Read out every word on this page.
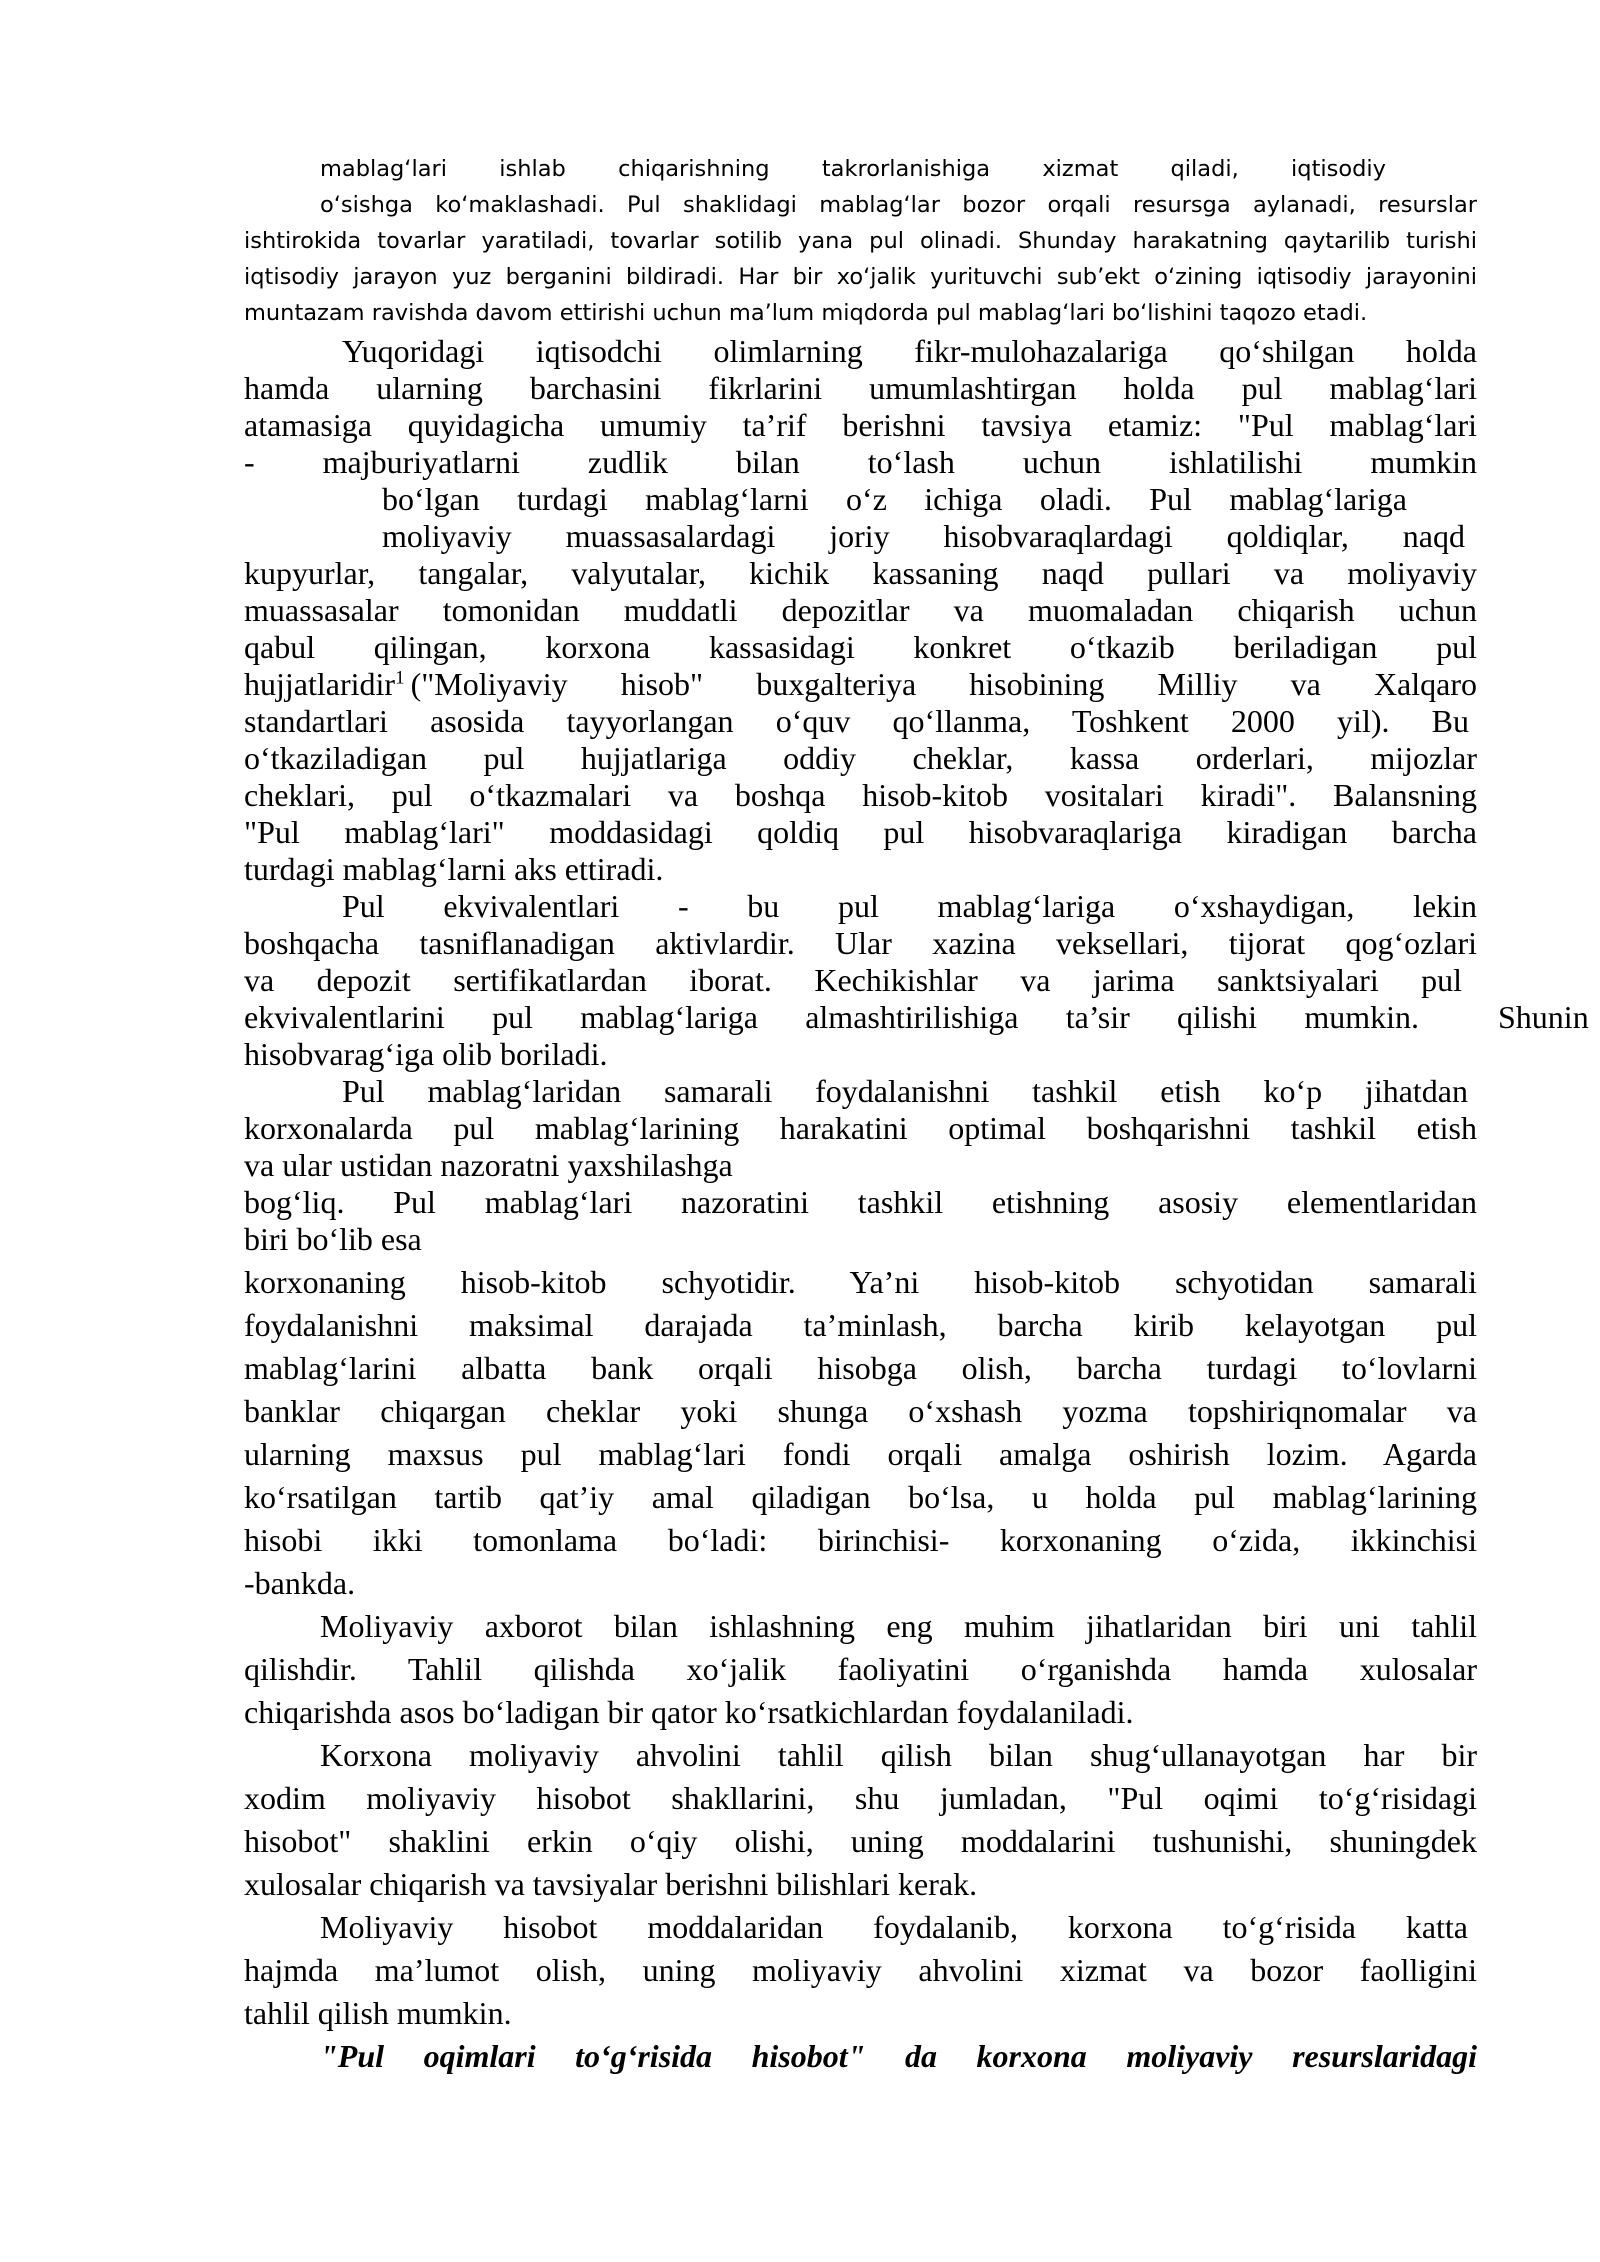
mablag‘lari ishlab chiqarishning takrorlanishiga xizmat qiladi, iqtisodiy

o‘sishga ko‘maklashadi. Pul shaklidagi mablag‘lar bozor orqali resursga aylanadi, resurslar

ishtirokida tovarlar yaratiladi, tovarlar sotilib yana pul olinadi. Shunday harakatning qaytarilib turishi

iqtisodiy jarayon yuz berganini bildiradi. Har bir xo‘jalik yurituvchi sub’ekt o‘zining iqtisodiy jarayonini

muntazam ravishda davom ettirishi uchun ma’lum miqdorda pul mablag‘lari bo‘lishini taqozo etadi.

Yuqoridagi iqtisodchi olimlarning fikr-mulohazalariga qo‘shilgan holda

hamda ularning barchasini fikrlarini umumlashtirgan holda pul mablag‘lari

atamasiga quyidagicha umumiy ta’rif berishni tavsiya etamiz: "Pul mablag‘lari

- majburiyatlarni zudlik bilan to‘lash uchun ishlatilishi mumkin

bo‘lgan turdagi mablag‘larni o‘z ichiga oladi. Pul mablag‘lariga

moliyaviy muassasalardagi joriy hisobvaraqlardagi qoldiqlar, naqd

kupyurlar, tangalar, valyutalar, kichik kassaning naqd pullari va moliyaviy

muassasalar tomonidan muddatli depozitlar va muomaladan chiqarish uchun

qabul qilingan, korxona kassasidagi konkret o‘tkazib beriladigan pul

hujjatlaridir$^1$ ("Moliyaviy hisob" buxgalteriya hisobining Milliy va Xalqaro

standartlari asosida tayyorlangan o‘quv qo‘llanma, Toshkent 2000 yil). Bu

o‘tkaziladigan pul hujjatlariga oddiy cheklar, kassa orderlari, mijozlar

cheklari, pul o‘tkazmalari va boshqa hisob-kitob vositalari kiradi". Balansning

"Pul mablag‘lari" moddasidagi qoldiq pul hisobvaraqlariga kiradigan barcha

turdagi mablag‘larni aks ettiradi.

Pul ekvivalentlari - bu pul mablag‘lariga o‘xshaydigan, lekin

boshqacha tasniflanadigan aktivlardir. Ular xazina veksellari, tijorat qog‘ozlari

va depozit sertifikatlardan iborat. Kechikishlar va jarima sanktsiyalari pul

ekvivalentlarini pul mablag‘lariga almashtirilishiga ta’sir qilishi mumkin. Shunin

hisobvarag‘iga olib boriladi.

Pul mablag‘laridan samarali foydalanishni tashkil etish ko‘p jihatdan

korxonalarda pul mablag‘larining harakatini optimal boshqarishni tashkil etish

va ular ustidan nazoratni yaxshilashga

bog‘liq. Pul mablag‘lari nazoratini tashkil etishning asosiy elementlaridan

biri bo‘lib esa

korxonaning hisob-kitob schyotidir. Ya’ni hisob-kitob schyotidan samarali

foydalanishni maksimal darajada ta’minlash, barcha kirib kelayotgan pul

mablag‘larini albatta bank orqali hisobga olish, barcha turdagi to‘lovlarni

banklar chiqargan cheklar yoki shunga o‘xshash yozma topshiriqnomalar va

ularning maxsus pul mablag‘lari fondi orqali amalga oshirish lozim. Agarda

ko‘rsatilgan tartib qat’iy amal qiladigan bo‘lsa, u holda pul mablag‘larining

hisobi ikki tomonlama bo‘ladi: birinchisi- korxonaning o‘zida, ikkinchisi

-bankda.

Moliyaviy axborot bilan ishlashning eng muhim jihatlaridan biri uni tahlil

qilishdir. Tahlil qilishda xo‘jalik faoliyatini o‘rganishda hamda xulosalar

chiqarishda asos bo‘ladigan bir qator ko‘rsatkichlardan foydalaniladi.

Korxona moliyaviy ahvolini tahlil qilish bilan shug‘ullanayotgan har bir

xodim moliyaviy hisobot shakllarini, shu jumladan, "Pul oqimi to‘g‘risidagi

hisobot" shaklini erkin o‘qiy olishi, uning moddalarini tushunishi, shuningdek

xulosalar chiqarish va tavsiyalar berishni bilishlari kerak.

Moliyaviy hisobot moddalaridan foydalanib, korxona to‘g‘risida katta

hajmda ma’lumot olish, uning moliyaviy ahvolini xizmat va bozor faolligini

tahlil qilish mumkin.

"Pul oqimlari to‘g‘risida hisobot" da korxona moliyaviy resurslaridagi
